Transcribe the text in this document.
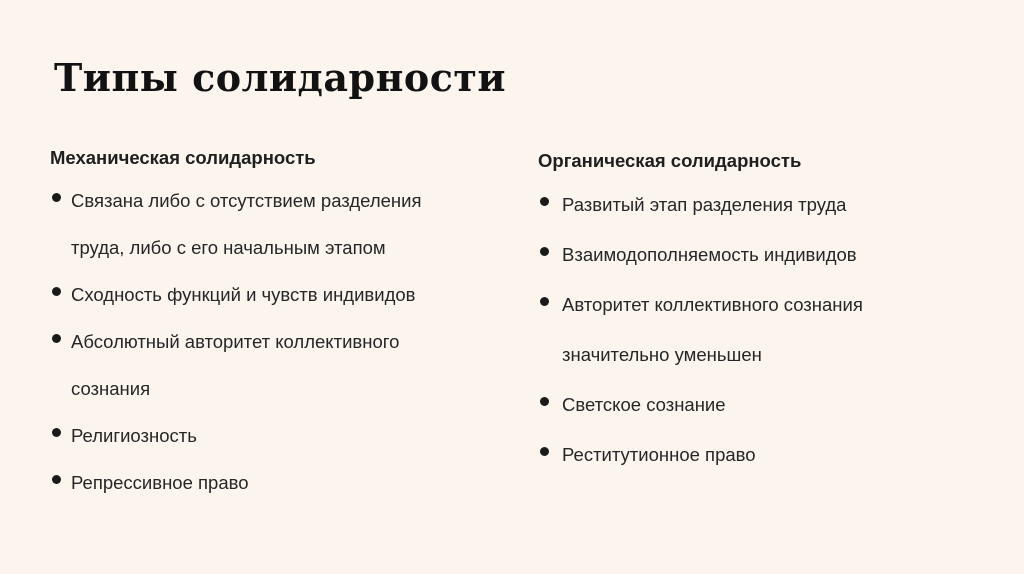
Типы солидарности
Механическая солидарность
Связана либо с отсутствием разделения труда, либо с его начальным этапом
Сходность функций и чувств индивидов
Абсолютный авторитет коллективного сознания
Религиозность
Репрессивное право
Органическая солидарность
Развитый этап разделения труда
Взаимодополняемость индивидов
Авторитет коллективного сознания значительно уменьшен
Светское сознание
Реститутионное право
